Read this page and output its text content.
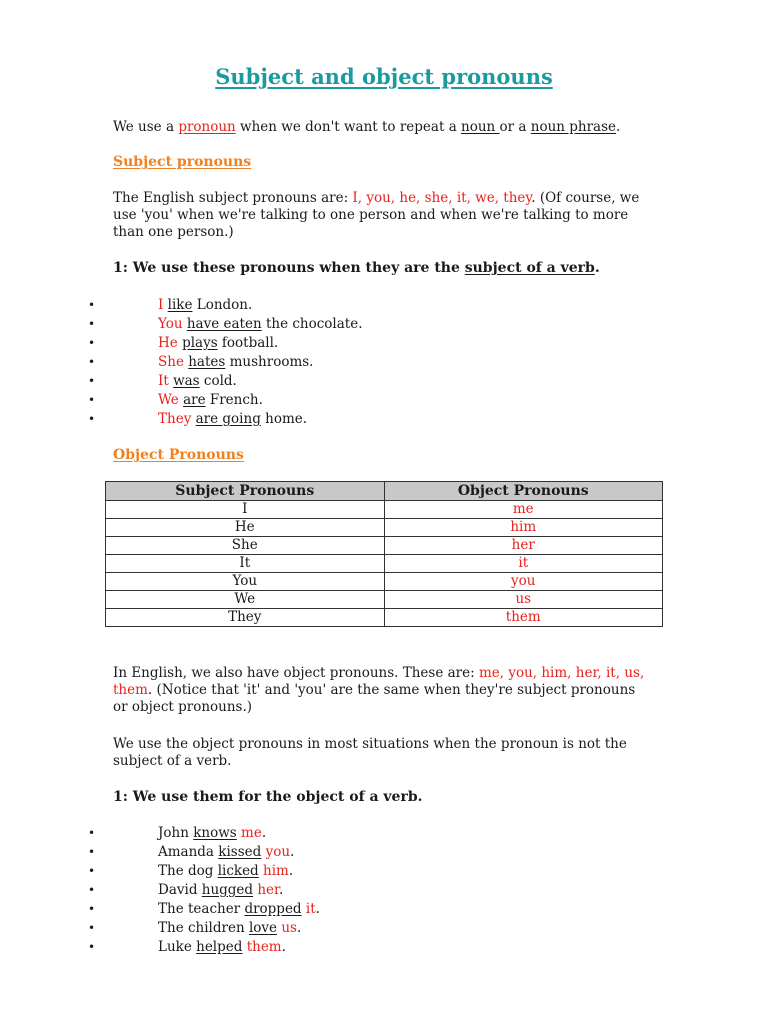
Subject and object pronouns
We use a pronoun when we don't want to repeat a noun or a noun phrase.
Subject pronouns
The English subject pronouns are: I, you, he, she, it, we, they. (Of course, we use 'you' when we're talking to one person and when we're talking to more than one person.)
1: We use these pronouns when they are the subject of a verb.
•	I like London.
•	You have eaten the chocolate.
•	He plays football.
•	She hates mushrooms.
•	It was cold.
•	We are French.
•	They are going home.
Object Pronouns
Subject Pronouns	Object Pronouns
I	me
He	him
She	her
It	it
You	you
We	us
They	them
In English, we also have object pronouns. These are: me, you, him, her, it, us, them. (Notice that 'it' and 'you' are the same when they're subject pronouns or object pronouns.)
We use the object pronouns in most situations when the pronoun is not the subject of a verb.
1: We use them for the object of a verb.
•	John knows me.
•	Amanda kissed you.
•	The dog licked him.
•	David hugged her.
•	The teacher dropped it.
•	The children love us.
•	Luke helped them.
